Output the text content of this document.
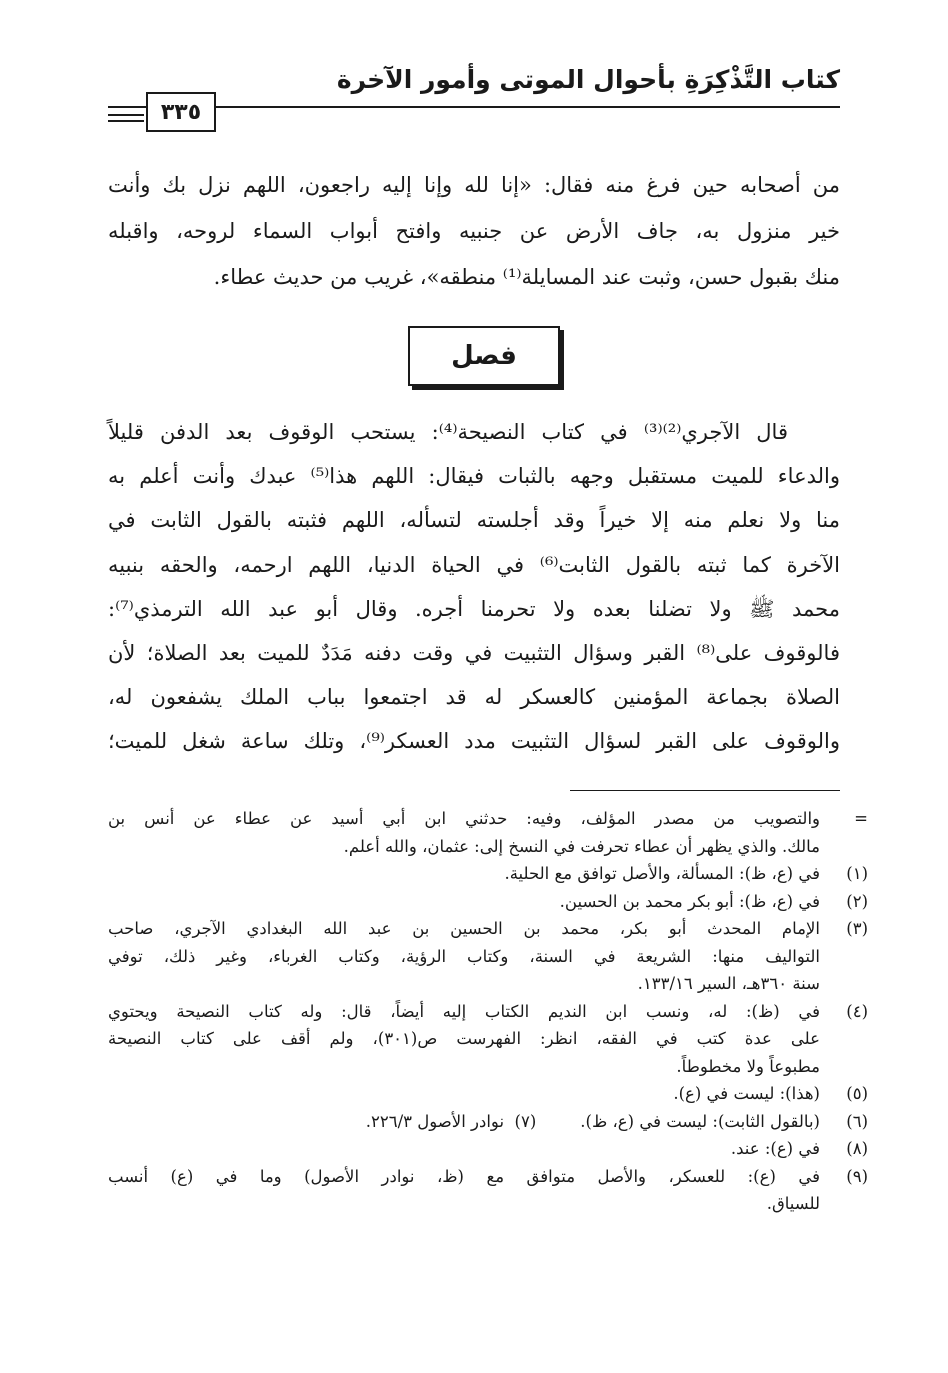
كتاب التَّذْكِرَةِ بأحوال الموتى وأمور الآخرة
٣٣٥
من أصحابه حين فرغ منه فقال: «إنا لله وإنا إليه راجعون، اللهم نزل بك وأنت
خير منزول به، جاف الأرض عن جنبيه وافتح أبواب السماء لروحه، واقبله
منك بقبول حسن، وثبت عند المسايلة⁽¹⁾ منطقه»، غريب من حديث عطاء.
فصل
قال الآجري⁽²⁾⁽³⁾ في كتاب النصيحة⁽⁴⁾: يستحب الوقوف بعد الدفن قليلاً
والدعاء للميت مستقبل وجهه بالثبات فيقال: اللهم هذا⁽⁵⁾ عبدك وأنت أعلم به
منا ولا نعلم منه إلا خيراً وقد أجلسته لتسأله، اللهم فثبته بالقول الثابت في
الآخرة كما ثبته بالقول الثابت⁽⁶⁾ في الحياة الدنيا، اللهم ارحمه، والحقه بنبيه
محمد ﷺ ولا تضلنا بعده ولا تحرمنا أجره. وقال أبو عبد الله الترمذي⁽⁷⁾:
فالوقوف على⁽⁸⁾ القبر وسؤال التثبيت في وقت دفنه مَدَدٌ للميت بعد الصلاة؛ لأن
الصلاة بجماعة المؤمنين كالعسكر له قد اجتمعوا بباب الملك يشفعون له،
والوقوف على القبر لسؤال التثبيت مدد العسكر⁽⁹⁾، وتلك ساعة شغل للميت؛
=
والتصويب من مصدر المؤلف، وفيه: حدثني ابن أبي أسيد عن عطاء عن أنس بن
مالك. والذي يظهر أن عطاء تحرفت في النسخ إلى: عثمان، والله أعلم.
(١)
في (ع، ظ): المسألة، والأصل توافق مع الحلية.
(٢)
في (ع، ظ): أبو بكر محمد بن الحسين.
(٣)
الإمام المحدث أبو بكر، محمد بن الحسين بن عبد الله البغدادي الآجري، صاحب
التواليف منها: الشريعة في السنة، وكتاب الرؤية، وكتاب الغرباء، وغير ذلك، توفي
سنة ٣٦٠هـ، السير ١٣٣/١٦.
(٤)
في (ظ): له، ونسب ابن النديم الكتاب إليه أيضاً، قال: وله كتاب النصيحة ويحتوي
على عدة كتب في الفقه، انظر: الفهرست ص(٣٠١)، ولم أقف على كتاب النصيحة
مطبوعاً ولا مخطوطاً.
(٥)
(هذا): ليست في (ع).
(٦)
(بالقول الثابت): ليست في (ع، ظ).(٧)  نوادر الأصول ٢٢٦/٣.
(٨)
في (ع): عند.
(٩)
في (ع): للعسكر، والأصل متوافق مع (ظ، نوادر الأصول) وما في (ع) أنسب
للسياق.
